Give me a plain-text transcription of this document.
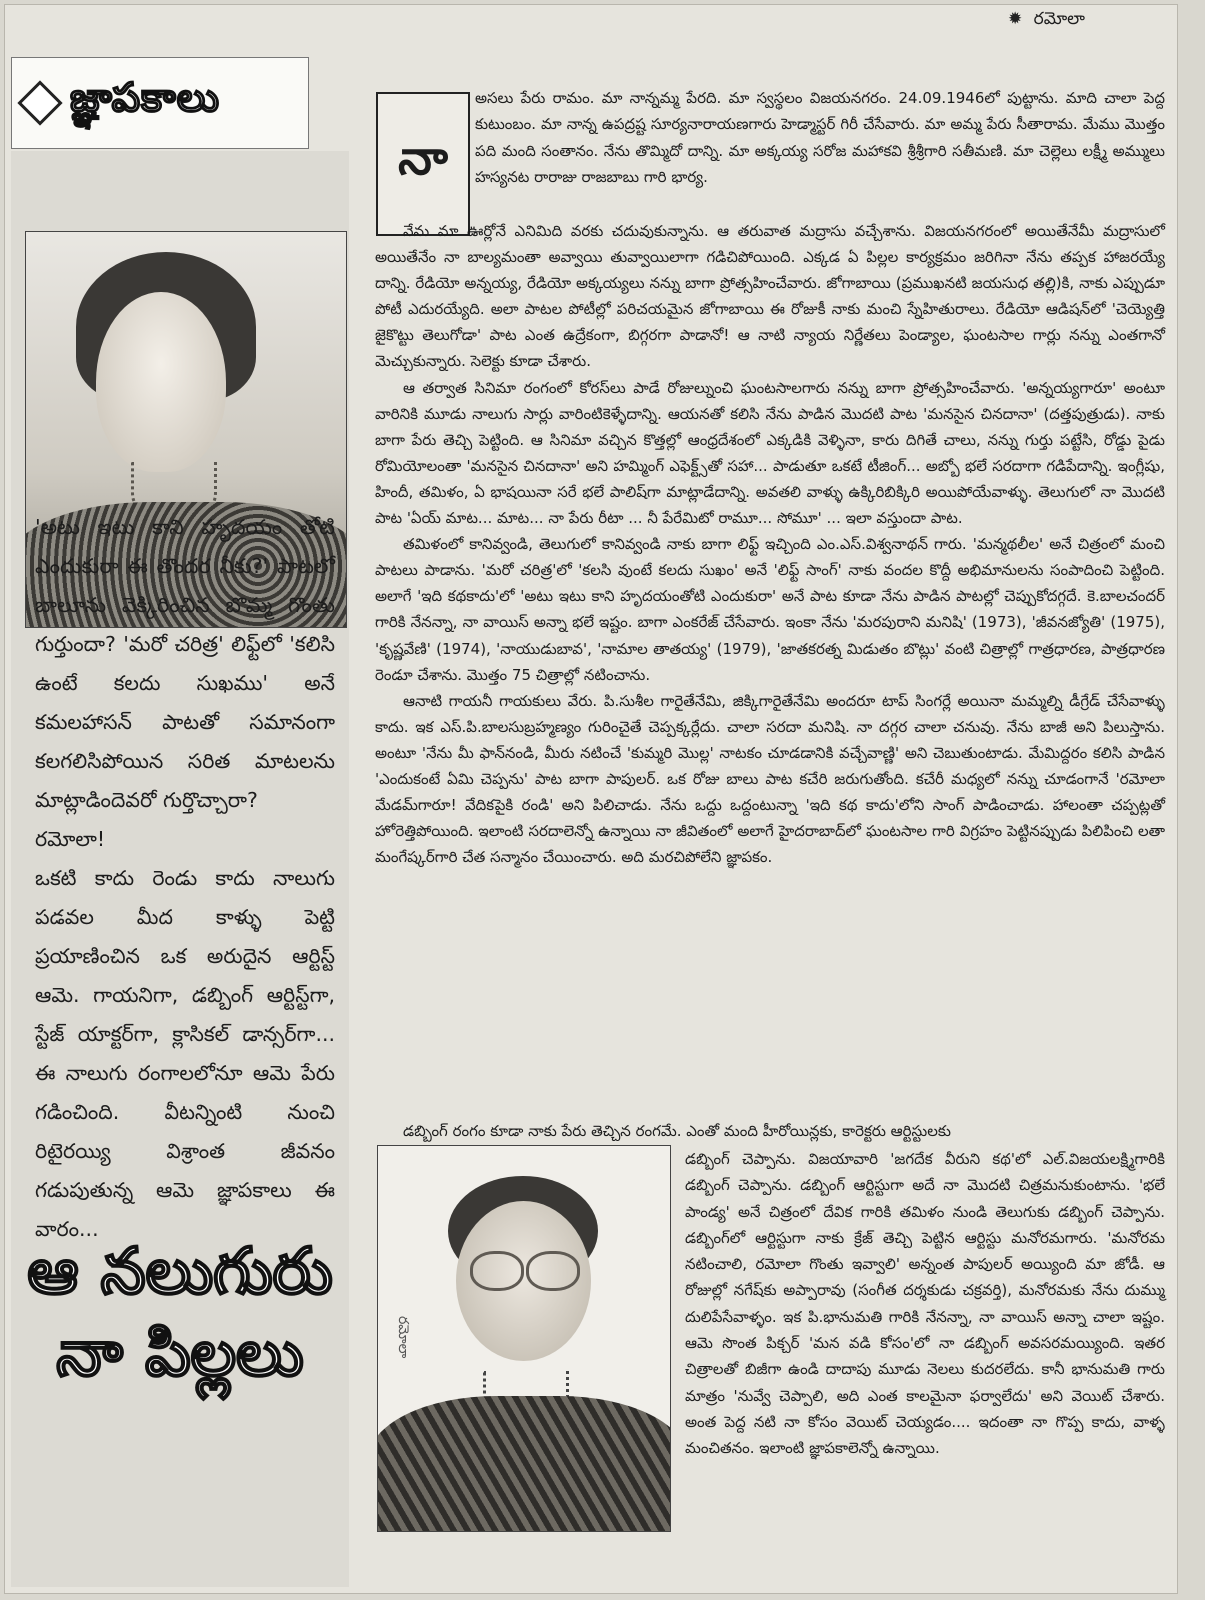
✹ రమోలా
జ్ఞాపకాలు

'అటు ఇటు కాని హృదయం తోటి ఎందుకురా ఈ తొందర నీకు?' పాటలో బాలూను వెక్కిరించిన బొమ్మ గొంతు గుర్తుందా? 'మరో చరిత్ర' లిఫ్ట్‌లో 'కలిసి ఉంటే కలదు సుఖము' అనే కమలహాసన్ పాటతో సమానంగా కలగలిసిపోయిన సరిత మాటలను మాట్లాడిందెవరో గుర్తొచ్చారా?

రమోలా!

ఒకటి కాదు రెండు కాదు నాలుగు పడవల మీద కాళ్ళు పెట్టి ప్రయాణించిన ఒక అరుదైన ఆర్టిస్ట్ ఆమె. గాయనిగా, డబ్బింగ్ ఆర్టిస్ట్‌గా, స్టేజ్ యాక్టర్‌గా, క్లాసికల్ డాన్సర్‌గా... ఈ నాలుగు రంగాలలోనూ ఆమె పేరు గడించింది. వీటన్నింటి నుంచి రిటైరయ్యి విశ్రాంత జీవనం గడుపుతున్న ఆమె జ్ఞాపకాలు ఈ వారం...

ఆ నలుగురు నా పిల్లలు
నా

అసలు పేరు రామం. మా నాన్నమ్మ పేరది. మా స్వస్థలం విజయనగరం. 24.09.1946లో పుట్టాను. మాది చాలా పెద్ద కుటుంబం. మా నాన్న ఉపద్రష్ట సూర్యనారాయణగారు హెడ్మాస్టర్ గిరీ చేసేవారు. మా అమ్మ పేరు సీతారామ. మేము మొత్తం పది మంది సంతానం. నేను తొమ్మిదో దాన్ని. మా అక్కయ్య సరోజ మహాకవి శ్రీశ్రీగారి సతీమణి. మా చెల్లెలు లక్ష్మీ అమ్ములు హస్యనట రారాజు రాజబాబు గారి భార్య.

నేను మా ఊర్లోనే ఎనిమిది వరకు చదువుకున్నాను. ఆ తరువాత మద్రాసు వచ్చేశాను. విజయనగరంలో అయితేనేమీ మద్రాసులో అయితేనేం నా బాల్యమంతా అవ్వాయి తువ్వాయిలాగా గడిచిపోయింది. ఎక్కడ ఏ పిల్లల కార్యక్రమం జరిగినా నేను తప్పక హాజరయ్యే దాన్ని. రేడియో అన్నయ్య, రేడియో అక్కయ్యలు నన్ను బాగా ప్రోత్సహించేవారు. జోగాబాయి (ప్రముఖనటి జయసుధ తల్లి)కి, నాకు ఎప్పుడూ పోటీ ఎదురయ్యేది. అలా పాటల పోటీల్లో పరిచయమైన జోగాబాయి ఈ రోజుకీ నాకు మంచి స్నేహితురాలు. రేడియో ఆడిషన్‌లో 'చెయ్యెత్తి జైకొట్టు తెలుగోడా' పాట ఎంత ఉద్రేకంగా, బిగ్గరగా పాడానో! ఆ నాటి న్యాయ నిర్ణేతలు పెండ్యాల, ఘంటసాల గార్లు నన్ను ఎంతగానో మెచ్చుకున్నారు. సెలెక్టు కూడా చేశారు.

ఆ తర్వాత సినిమా రంగంలో కోరస్‌లు పాడే రోజుల్నుంచి ఘంటసాలగారు నన్ను బాగా ప్రోత్సహించేవారు. 'అన్నయ్యగారూ' అంటూ వారినికి మూడు నాలుగు సార్లు వారింటికెళ్ళేదాన్ని. ఆయనతో కలిసి నేను పాడిన మొదటి పాట 'మనసైన చినదానా' (దత్తపుత్రుడు). నాకు బాగా పేరు తెచ్చి పెట్టింది. ఆ సినిమా వచ్చిన కొత్తల్లో ఆంధ్రదేశంలో ఎక్కడికి వెళ్ళినా, కారు దిగితే చాలు, నన్ను గుర్తు పట్టేసి, రోడ్డు పైడు రోమియోలంతా 'మనసైన చినదానా' అని హమ్మింగ్ ఎఫెక్ట్స్‌తో సహా... పాడుతూ ఒకటే టీజింగ్... అబ్బో భలే సరదాగా గడిపేదాన్ని. ఇంగ్లీషు, హిందీ, తమిళం, ఏ భాషయినా సరే భలే పాలిష్‌గా మాట్లాడేదాన్ని. అవతలి వాళ్ళు ఉక్కిరిబిక్కిరి అయిపోయేవాళ్ళు. తెలుగులో నా మొదటి పాట 'ఏయ్ మాట... మాట... నా పేరు రీటా ... నీ పేరేమిటో రామూ... సోమూ' ... ఇలా వస్తుందా పాట.

తమిళంలో కానివ్వండి, తెలుగులో కానివ్వండి నాకు బాగా లిఫ్ట్ ఇచ్చింది ఎం.ఎస్.విశ్వనాథన్ గారు. 'మన్మథలీల' అనే చిత్రంలో మంచి పాటలు పాడాను. 'మరో చరిత్ర'లో 'కలసి వుంటే కలదు సుఖం' అనే 'లిఫ్ట్ సాంగ్' నాకు వందల కొద్దీ అభిమానులను సంపాదించి పెట్టింది. అలాగే 'ఇది కథకాదు'లో 'అటు ఇటు కాని హృదయంతోటి ఎందుకురా' అనే పాట కూడా నేను పాడిన పాటల్లో చెప్పుకోదగ్గదే. కె.బాలచందర్ గారికి నేనన్నా, నా వాయిస్ అన్నా భలే ఇష్టం. బాగా ఎంకరేజ్ చేసేవారు. ఇంకా నేను 'మరపురాని మనిషి' (1973), 'జీవనజ్యోతి' (1975), 'కృష్ణవేణి' (1974), 'నాయుడుబావ', 'నామాల తాతయ్య' (1979), 'జాతకరత్న మిడుతం బొట్లు' వంటి చిత్రాల్లో గాత్రధారణ, పాత్రధారణ రెండూ చేశాను. మొత్తం 75 చిత్రాల్లో నటించాను.

ఆనాటి గాయనీ గాయకులు వేరు. పి.సుశీల గారైతేనేమి, జిక్కిగారైతేనేమి అందరూ టాప్ సింగర్లే అయినా మమ్మల్ని డీగ్రేడ్ చేసేవాళ్ళు కాదు. ఇక ఎస్.పి.బాలసుబ్రహ్మణ్యం గురించైతే చెప్పక్కర్లేదు. చాలా సరదా మనిషి. నా దగ్గర చాలా చనువు. నేను బాజీ అని పిలుస్తాను. అంటూ 'నేను మీ ఫాన్‌నండి, మీరు నటించే 'కుమ్మరి మొల్ల' నాటకం చూడడానికి వచ్చేవాణ్ణి' అని చెబుతుంటాడు. మేమిద్దరం కలిసి పాడిన 'ఎందుకంటే ఏమి చెప్పను' పాట బాగా పాపులర్. ఒక రోజు బాలు పాట కచేరి జరుగుతోంది. కచేరీ మధ్యలో నన్ను చూడంగానే 'రమోలా మేడమ్‌గారూ! వేదికపైకి రండి' అని పిలిచాడు. నేను ఒద్దు ఒద్దంటున్నా 'ఇది కథ కాదు'లోని సాంగ్ పాడించాడు. హాలంతా చప్పట్లతో హోరెత్తిపోయింది. ఇలాంటి సరదాలెన్నో ఉన్నాయి నా జీవితంలో అలాగే హైదరాబాద్‌లో ఘంటసాల గారి విగ్రహం పెట్టినప్పుడు పిలిపించి లతా మంగేష్కర్‌గారి చేత సన్మానం చేయించారు. అది మరచిపోలేని జ్ఞాపకం.

డబ్బింగ్ రంగం కూడా నాకు పేరు తెచ్చిన రంగమే. ఎంతో మంది హీరోయిన్లకు, కారెక్టరు ఆర్టిస్టులకు
రమోలా

డబ్బింగ్ చెప్పాను. విజయావారి 'జగదేక వీరుని కథ'లో ఎల్.విజయలక్ష్మిగారికి డబ్బింగ్ చెప్పాను. డబ్బింగ్ ఆర్టిస్టుగా అదే నా మొదటి చిత్రమనుకుంటాను. 'భలే పాండ్య' అనే చిత్రంలో దేవిక గారికి తమిళం నుండి తెలుగుకు డబ్బింగ్ చెప్పాను. డబ్బింగ్‌లో ఆర్టిస్టుగా నాకు క్రేజ్ తెచ్చి పెట్టిన ఆర్టిస్టు మనోరమగారు. 'మనోరమ నటించాలి, రమోలా గొంతు ఇవ్వాలి' అన్నంత పాపులర్ అయ్యింది మా జోడీ. ఆ రోజుల్లో నగేష్‌కు అప్పారావు (సంగీత దర్శకుడు చక్రవర్తి), మనోరమకు నేను దుమ్ము దులిపేసేవాళ్ళం. ఇక పి.భానుమతి గారికి నేనన్నా, నా వాయిస్ అన్నా చాలా ఇష్టం. ఆమె సొంత పిక్చర్ 'మన వడి కోసం'లో నా డబ్బింగ్ అవసరమయ్యింది. ఇతర చిత్రాలతో బిజీగా ఉండి దాదాపు మూడు నెలలు కుదరలేదు. కానీ భానుమతి గారు మాత్రం 'నువ్వే చెప్పాలి, అది ఎంత కాలమైనా ఫర్వాలేదు' అని వెయిట్ చేశారు. అంత పెద్ద నటి నా కోసం వెయిట్ చెయ్యడం.... ఇదంతా నా గొప్ప కాదు, వాళ్ళ మంచితనం. ఇలాంటి జ్ఞాపకాలెన్నో ఉన్నాయి.
